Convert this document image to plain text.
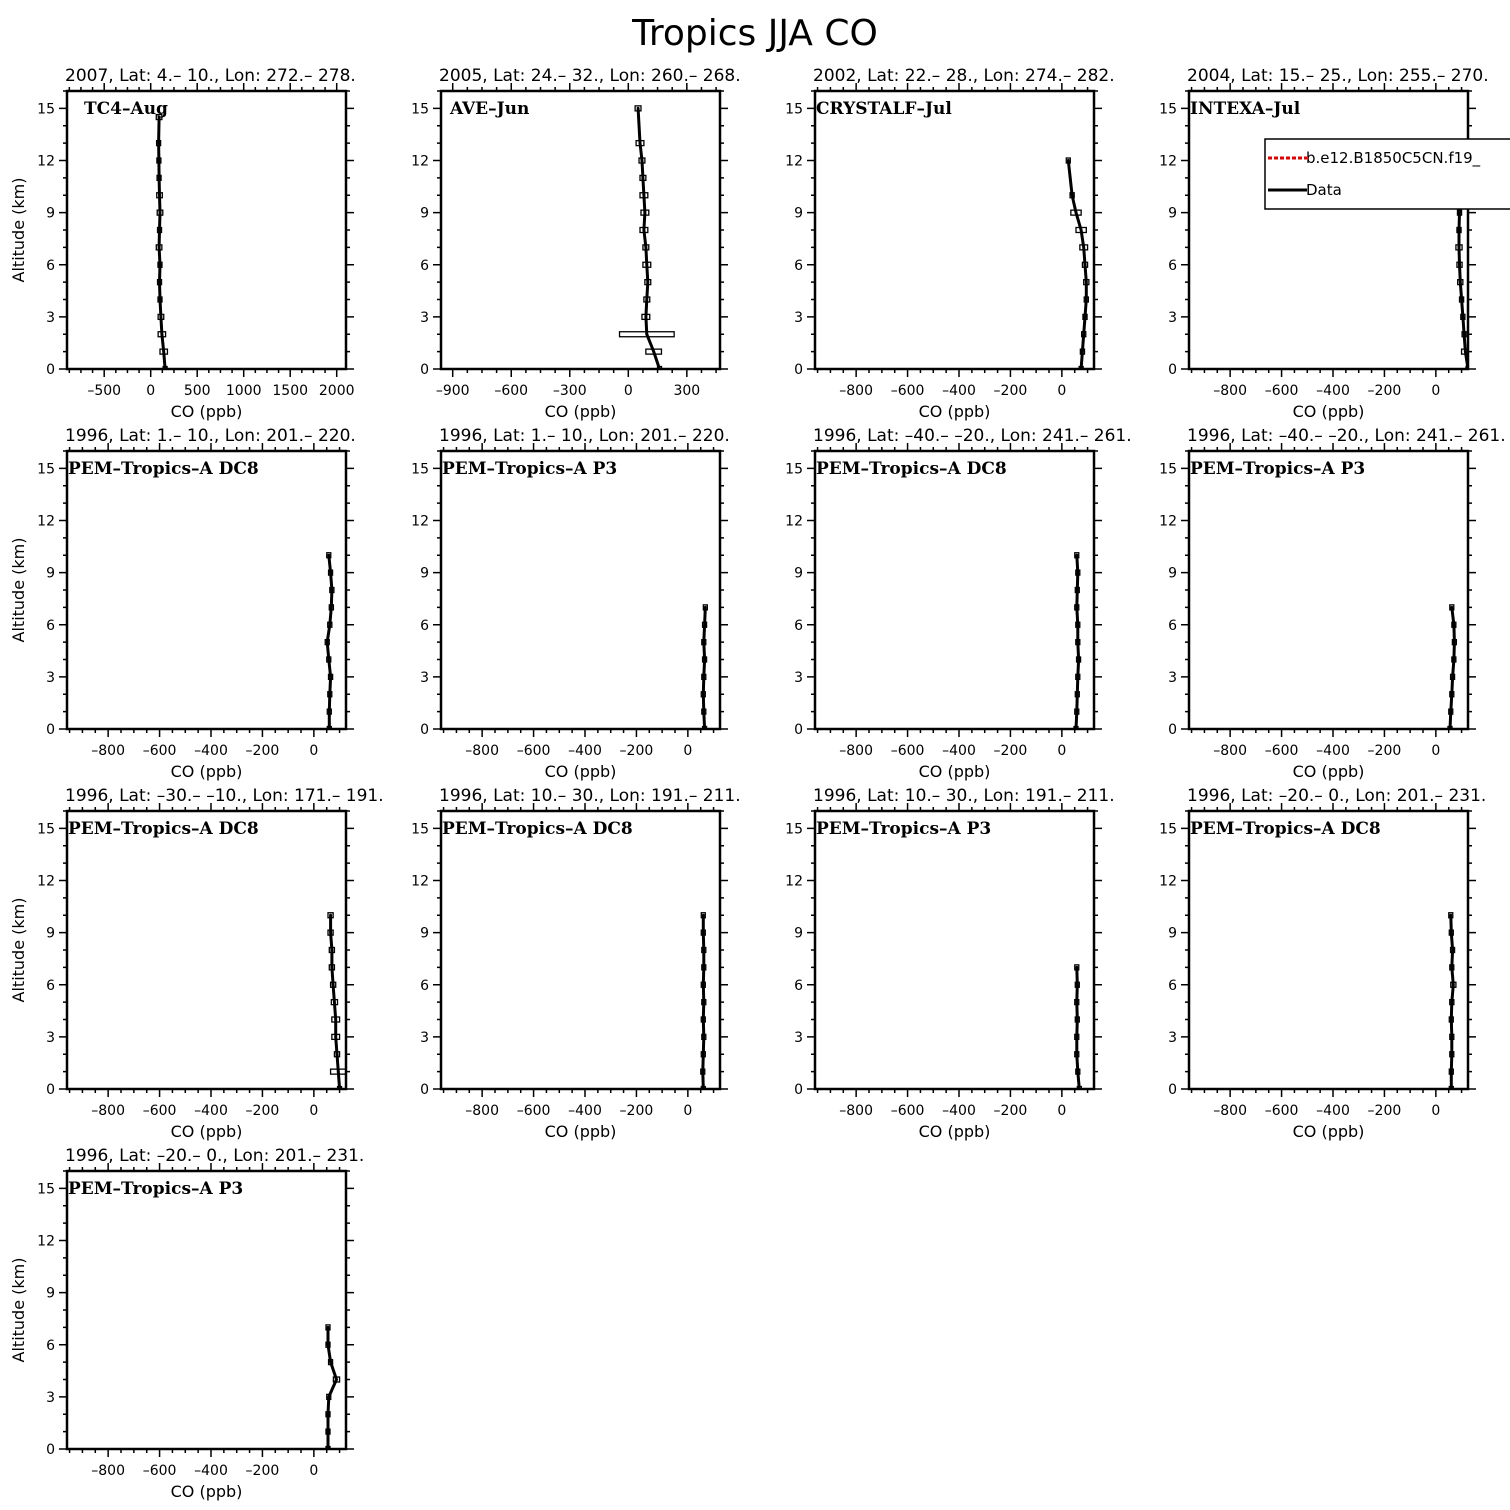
Tropics JJA CO
2007, Lat: 4.– 10., Lon: 272.– 278.
0
3
6
9
12
15
–500 0 500 1000 1500 2000
CO (ppb)
Altitude (km)
TC4–Aug
2005, Lat: 24.– 32., Lon: 260.– 268.
0
3
6
9
12
15
–900 –600 –300	0	300
CO (ppb)
AVE–Jun
2002, Lat: 22.– 28., Lon: 274.– 282.
0
3
6
9
12
15
–800 –600 –400 –200 0
CO (ppb)
CRYSTALF–Jul
2004, Lat: 15.– 25., Lon: 255.– 270.
0
3
6
9
12
15
–800 –600 –400 –200 0
CO (ppb)
INTEXA–Jul
b.e12.B1850C5CN.f19_
Data
1996, Lat: 1.– 10., Lon: 201.– 220.
0
3
6
9
12
15
–800 –600 –400 –200 0
CO (ppb)
Altitude (km)
PEM–Tropics–A DC8
1996, Lat: 1.– 10., Lon: 201.– 220.
0
3
6
9
12
15
–800 –600 –400 –200 0
CO (ppb)
PEM–Tropics–A P3
1996, Lat: –40.– –20., Lon: 241.– 261.
0
3
6
9
12
15
–800 –600 –400 –200 0
CO (ppb)
PEM–Tropics–A DC8
1996, Lat: –40.– –20., Lon: 241.– 261.
0
3
6
9
12
15
–800 –600 –400 –200 0
CO (ppb)
PEM–Tropics–A P3
1996, Lat: –30.– –10., Lon: 171.– 191.
0
3
6
9
12
15
–800 –600 –400 –200 0
CO (ppb)
Altitude (km)
PEM–Tropics–A DC8
1996, Lat: 10.– 30., Lon: 191.– 211.
0
3
6
9
12
15
–800 –600 –400 –200 0
CO (ppb)
PEM–Tropics–A DC8
1996, Lat: 10.– 30., Lon: 191.– 211.
0
3
6
9
12
15
–800 –600 –400 –200 0
CO (ppb)
PEM–Tropics–A P3
1996, Lat: –20.– 0., Lon: 201.– 231.
0
3
6
9
12
15
–800 –600 –400 –200 0
CO (ppb)
PEM–Tropics–A DC8
1996, Lat: –20.– 0., Lon: 201.– 231.
0
3
6
9
12
15
–800 –600 –400 –200 0
CO (ppb)
Altitude (km)
PEM–Tropics–A P3
